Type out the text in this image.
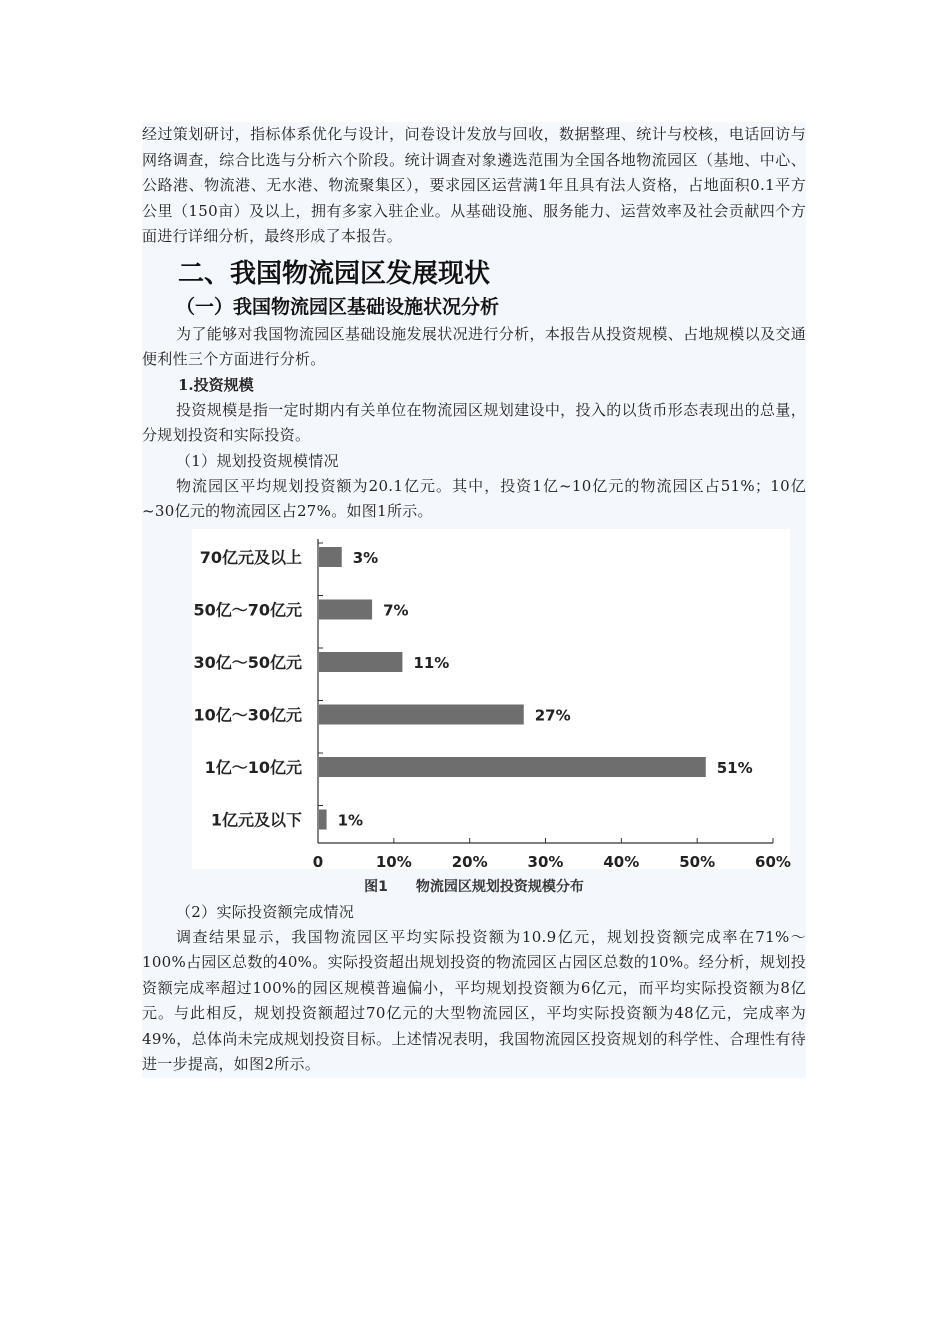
经过策划研讨，指标体系优化与设计，问卷设计发放与回收，数据整理、统计与校核，电话回访与网络调查，综合比选与分析六个阶段。统计调查对象遴选范围为全国各地物流园区（基地、中心、公路港、物流港、无水港、物流聚集区），要求园区运营满1年且具有法人资格，占地面积0.1平方公里（150亩）及以上，拥有多家入驻企业。从基础设施、服务能力、运营效率及社会贡献四个方面进行详细分析，最终形成了本报告。

二、我国物流园区发展现状
（一）我国物流园区基础设施状况分析

为了能够对我国物流园区基础设施发展状况进行分析，本报告从投资规模、占地规模以及交通便利性三个方面进行分析。

1.投资规模

投资规模是指一定时期内有关单位在物流园区规划建设中，投入的以货币形态表现出的总量，分规划投资和实际投资。

（1）规划投资规模情况

物流园区平均规划投资额为20.1亿元。其中，投资1亿~10亿元的物流园区占51%；10亿~30亿元的物流园区占27%。如图1所示。

0	10%	20%	30%	40%	50%	60%
70亿元及以上	3%
50亿～70亿元	7%
30亿～50亿元	11%
10亿～30亿元	27%
1亿～10亿元	51%
1亿元及以下 1%
图1　　物流园区规划投资规模分布

（2）实际投资额完成情况

调查结果显示，我国物流园区平均实际投资额为10.9亿元，规划投资额完成率在71%～100%占园区总数的40%。实际投资超出规划投资的物流园区占园区总数的10%。经分析，规划投资额完成率超过100%的园区规模普遍偏小，平均规划投资额为6亿元，而平均实际投资额为8亿元。与此相反，规划投资额超过70亿元的大型物流园区，平均实际投资额为48亿元，完成率为49%，总体尚未完成规划投资目标。上述情况表明，我国物流园区投资规划的科学性、合理性有待进一步提高，如图2所示。
